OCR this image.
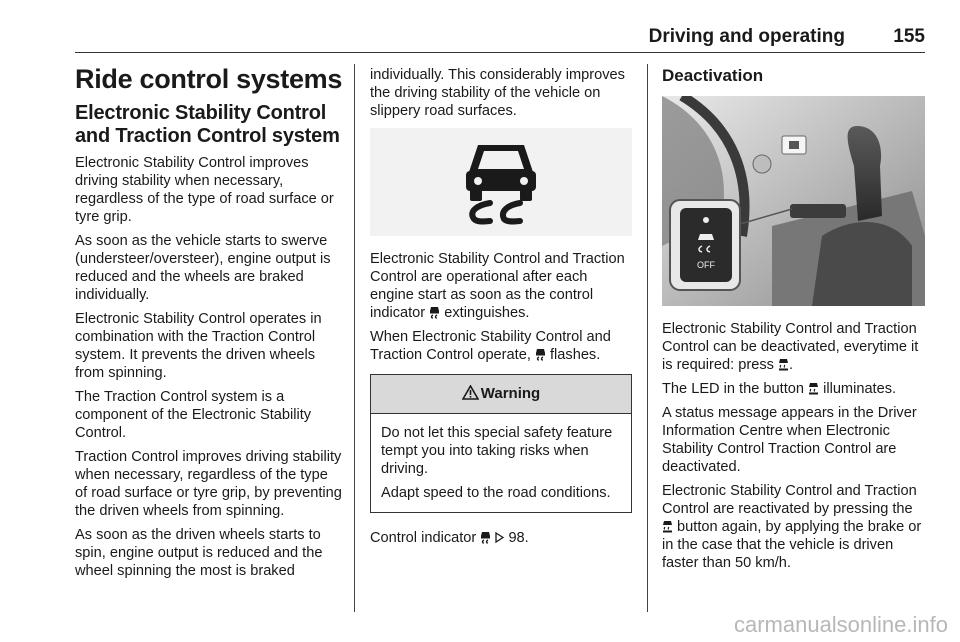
Driving and operating	155
Ride control systems
Electronic Stability Control and Traction Control system

Electronic Stability Control improves driving stability when necessary, regardless of the type of road surface or tyre grip.

As soon as the vehicle starts to swerve (understeer/oversteer), engine output is reduced and the wheels are braked individually.

Electronic Stability Control operates in combination with the Traction Control system. It prevents the driven wheels from spinning.

The Traction Control system is a component of the Electronic Stability Control.

Traction Control improves driving stability when necessary, regardless of the type of road surface or tyre grip, by preventing the driven wheels from spinning.

As soon as the driven wheels starts to spin, engine output is reduced and the wheel spinning the most is braked

individually. This considerably improves the driving stability of the vehicle on slippery road surfaces.

Electronic Stability Control and Traction Control are operational after each engine start as soon as the control indicator  extinguishes.

When Electronic Stability Control and Traction Control operate,  flashes.

Warning

Do not let this special safety feature tempt you into taking risks when driving.

Adapt speed to the road conditions.

Control indicator   98.

Deactivation
OFF

Electronic Stability Control and Traction Control can be deactivated, everytime it is required: press .

The LED in the button  illuminates.

A status message appears in the Driver Information Centre when Electronic Stability Control Traction Control are deactivated.

Electronic Stability Control and Traction Control are reactivated by pressing the  button again, by applying the brake or in the case that the vehicle is driven faster than 50 km/h.

carmanualsonline.info
